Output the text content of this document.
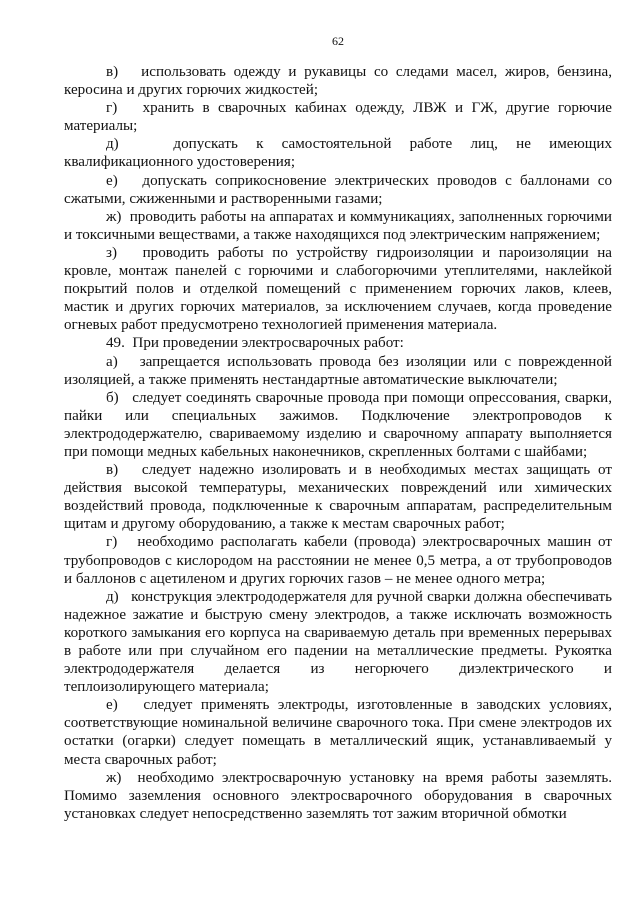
62

в)   использовать одежду и рукавицы со следами масел, жиров, бензина, керосина и других горючих жидкостей;

г)   хранить в сварочных кабинах одежду, ЛВЖ и ГЖ, другие горючие материалы;

д)   допускать к самостоятельной работе лиц, не имеющих квалификационного удостоверения;

е)   допускать соприкосновение электрических проводов с баллонами со сжатыми, сжиженными и растворенными газами;

ж)  проводить работы на аппаратах и коммуникациях, заполненных горючими и токсичными веществами, а также находящихся под электрическим напряжением;

з)   проводить работы по устройству гидроизоляции и пароизоляции на кровле, монтаж панелей с горючими и слабогорючими утеплителями, наклейкой покрытий полов и отделкой помещений с применением горючих лаков, клеев, мастик и других горючих материалов, за исключением случаев, когда проведение огневых работ предусмотрено технологией применения материала.

49.  При проведении электросварочных работ:

а)   запрещается использовать провода без изоляции или с поврежденной изоляцией, а также применять нестандартные автоматические выключатели;

б)   следует соединять сварочные провода при помощи опрессования, сварки, пайки или специальных зажимов. Подключение электропроводов к электрододержателю, свариваемому изделию и сварочному аппарату выполняется при помощи медных кабельных наконечников, скрепленных болтами с шайбами;

в)   следует надежно изолировать и в необходимых местах защищать от действия высокой температуры, механических повреждений или химических воздействий провода, подключенные к сварочным аппаратам, распределительным щитам и другому оборудованию, а также к местам сварочных работ;

г)   необходимо располагать кабели (провода) электросварочных машин от трубопроводов с кислородом на расстоянии не менее 0,5 метра, а от трубопроводов и баллонов с ацетиленом и других горючих газов – не менее одного метра;

д)   конструкция электрододержателя для ручной сварки должна обеспечивать надежное зажатие и быструю смену электродов, а также исключать возможность короткого замыкания его корпуса на свариваемую деталь при временных перерывах в работе или при случайном его падении на металлические предметы. Рукоятка электрододержателя делается из негорючего диэлектрического и теплоизолирующего материала;

е)   следует применять электроды, изготовленные в заводских условиях, соответствующие номинальной величине сварочного тока. При смене электродов их остатки (огарки) следует помещать в металлический ящик, устанавливаемый у места сварочных работ;

ж)  необходимо электросварочную установку на время работы заземлять. Помимо заземления основного электросварочного оборудования в сварочных установках следует непосредственно заземлять тот зажим вторичной обмотки
